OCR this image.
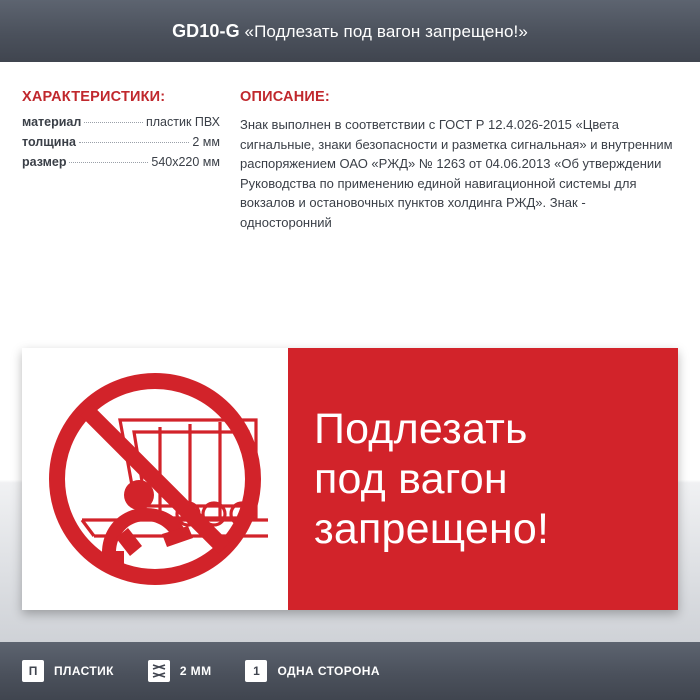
GD10-G «Подлезать под вагон запрещено!»
ХАРАКТЕРИСТИКИ:
материал	пластик ПВХ
толщина	2 мм
размер	540х220 мм
ОПИСАНИЕ:

Знак выполнен в соответствии с ГОСТ Р 12.4.026-2015 «Цвета сигнальные, знаки безопасности и разметка сигнальная» и внутренним распоряжением ОАО «РЖД» № 1263 от 04.06.2013 «Об утверждении Руководства по применению единой навигационной системы для вокзалов и остановочных пунктов холдинга РЖД». Знак - односторонний

Подлезать
под вагон
запрещено!
П ПЛАСТИК	2 ММ	1 ОДНА СТОРОНА
